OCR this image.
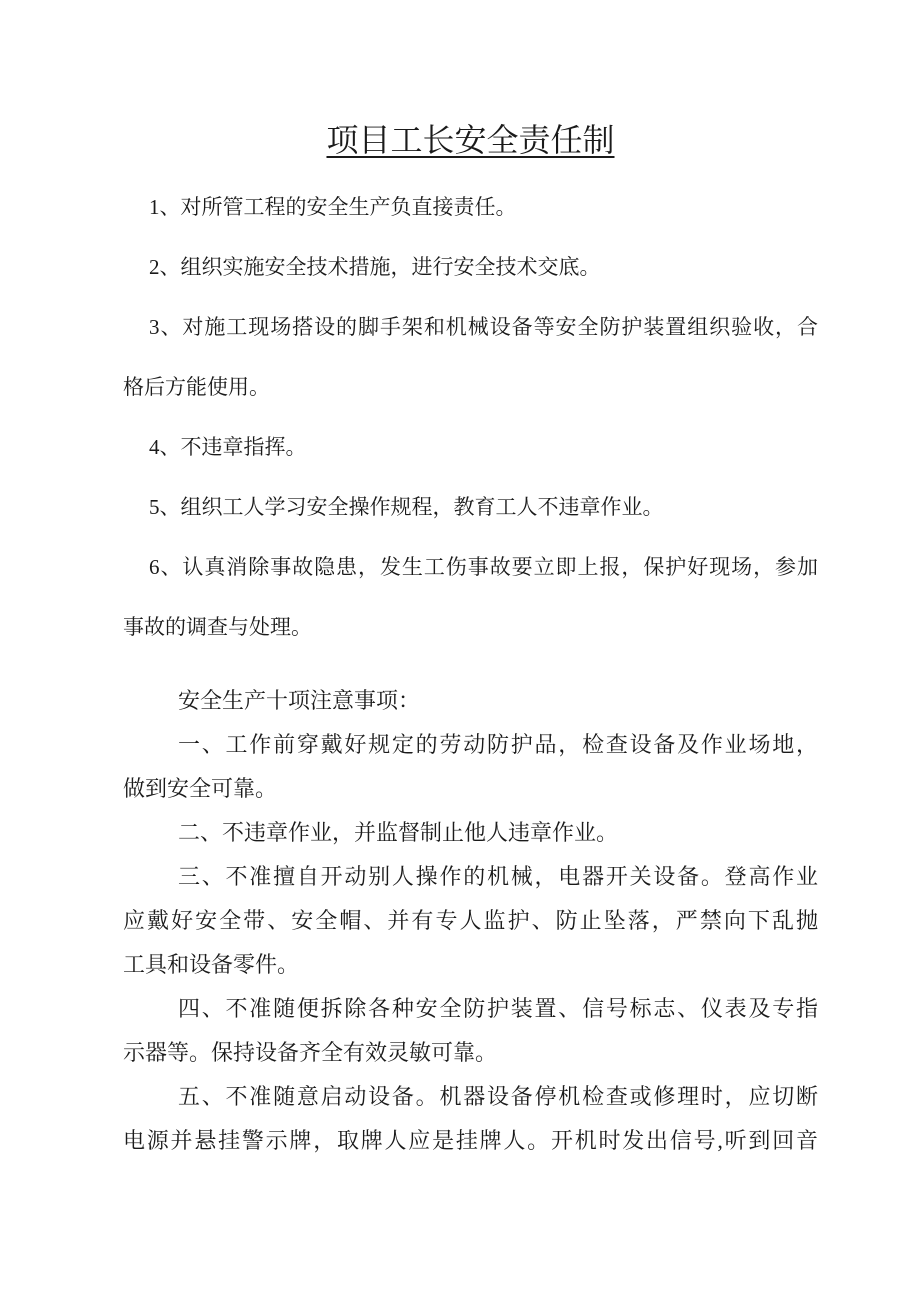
项目工长安全责任制

1、对所管工程的安全生产负直接责任。

2、组织实施安全技术措施，进行安全技术交底。

3、对施工现场搭设的脚手架和机械设备等安全防护装置组织验收，合

格后方能使用。

4、不违章指挥。

5、组织工人学习安全操作规程，教育工人不违章作业。

6、认真消除事故隐患，发生工伤事故要立即上报，保护好现场，参加

事故的调查与处理。

安全生产十项注意事项：

一、工作前穿戴好规定的劳动防护品，检查设备及作业场地，

做到安全可靠。

二、不违章作业，并监督制止他人违章作业。

三、不准擅自开动别人操作的机械，电器开关设备。登高作业

应戴好安全带、安全帽、并有专人监护、防止坠落，严禁向下乱抛

工具和设备零件。

四、不准随便拆除各种安全防护装置、信号标志、仪表及专指

示器等。保持设备齐全有效灵敏可靠。

五、不准随意启动设备。机器设备停机检查或修理时，应切断

电源并悬挂警示牌，取牌人应是挂牌人。开机时发出信号,听到回音
